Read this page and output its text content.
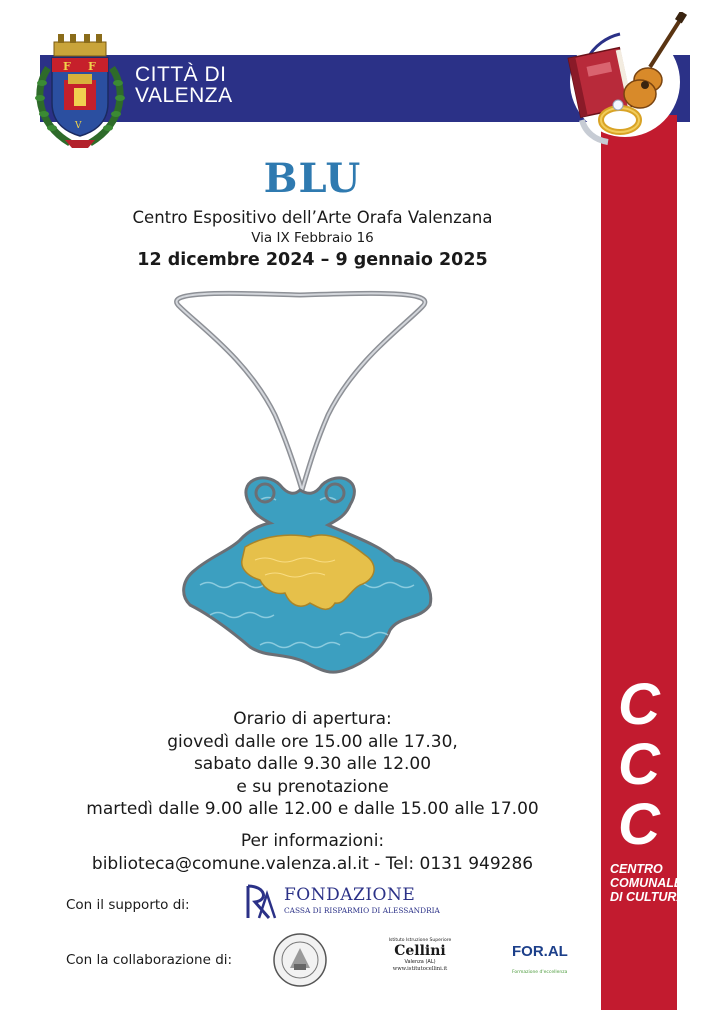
F F
V
CITTÀ DI
VALENZA
C
C
C
CENTRO
COMUNALE
DI CULTURA
BLU
Centro Espositivo dell’Arte Orafa Valenzana
Via IX Febbraio 16
12 dicembre 2024 – 9 gennaio 2025
Orario di apertura:
giovedì dalle ore 15.00 alle 17.30,
sabato dalle 9.30 alle 12.00
e su prenotazione
martedì dalle 9.00 alle 12.00 e dalle 15.00 alle 17.00
Per informazioni:
biblioteca@comune.valenza.al.it - Tel: 0131 949286
Con il supporto di:	FONDAZIONE
CASSA DI RISPARMIO DI ALESSANDRIA
Con la collaborazione di:
Istituto Istruzione Superiore
Cellini
Valenza (AL)
www.istitutocellini.it
FOR.AL
Formazione d'eccellenza
